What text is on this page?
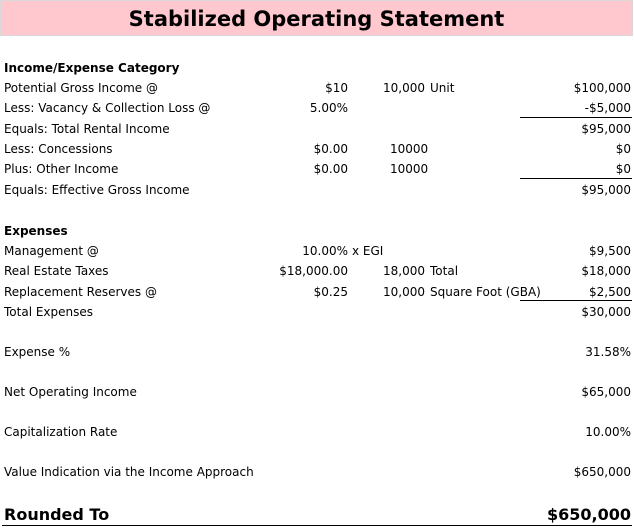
Stabilized Operating Statement
Income/Expense Category
Potential Gross Income @	$10	10,000 Unit	$100,000
Less: Vacancy & Collection Loss @	5.00%	-$5,000
Equals: Total Rental Income	$95,000
Less: Concessions	$0.00	10000	$0
Plus: Other Income	$0.00	10000	$0
Equals: Effective Gross Income	$95,000
Expenses
Management @	10.00% x EGI	$9,500
Real Estate Taxes	$18,000.00	18,000 Total	$18,000
Replacement Reserves @	$0.25	10,000 Square Foot (GBA)	$2,500
Total Expenses	$30,000
Expense %	31.58%
Net Operating Income	$65,000
Capitalization Rate	10.00%
Value Indication via the Income Approach	$650,000
Rounded To	$650,000
